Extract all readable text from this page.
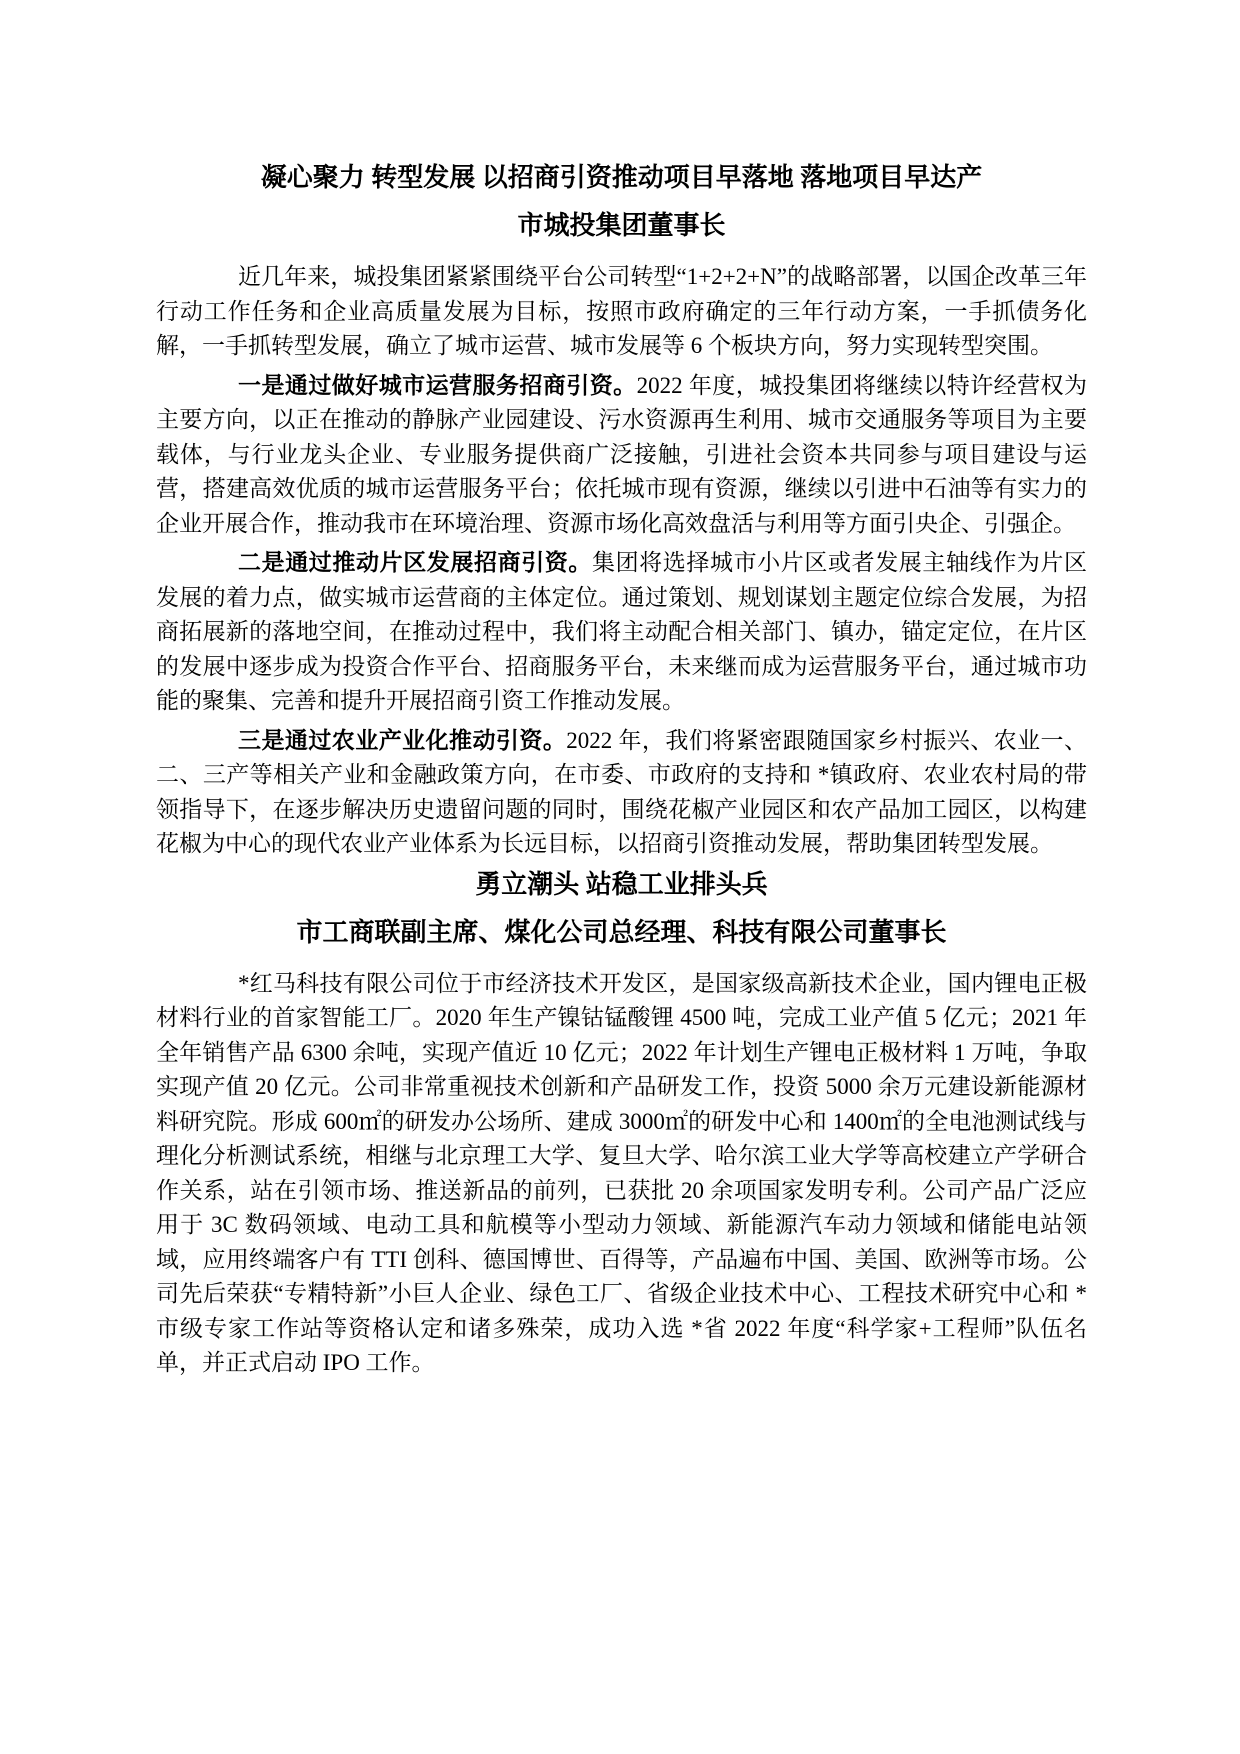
凝心聚力 转型发展 以招商引资推动项目早落地 落地项目早达产
市城投集团董事长

近几年来，城投集团紧紧围绕平台公司转型“1+2+2+N”的战略部署，以国企改革三年行动工作任务和企业高质量发展为目标，按照市政府确定的三年行动方案，一手抓债务化解，一手抓转型发展，确立了城市运营、城市发展等 6 个板块方向，努力实现转型突围。

一是通过做好城市运营服务招商引资。2022 年度，城投集团将继续以特许经营权为主要方向，以正在推动的静脉产业园建设、污水资源再生利用、城市交通服务等项目为主要载体，与行业龙头企业、专业服务提供商广泛接触，引进社会资本共同参与项目建设与运营，搭建高效优质的城市运营服务平台；依托城市现有资源，继续以引进中石油等有实力的企业开展合作，推动我市在环境治理、资源市场化高效盘活与利用等方面引央企、引强企。

二是通过推动片区发展招商引资。集团将选择城市小片区或者发展主轴线作为片区发展的着力点，做实城市运营商的主体定位。通过策划、规划谋划主题定位综合发展，为招商拓展新的落地空间，在推动过程中，我们将主动配合相关部门、镇办，锚定定位，在片区的发展中逐步成为投资合作平台、招商服务平台，未来继而成为运营服务平台，通过城市功能的聚集、完善和提升开展招商引资工作推动发展。

三是通过农业产业化推动引资。2022 年，我们将紧密跟随国家乡村振兴、农业一、二、三产等相关产业和金融政策方向，在市委、市政府的支持和 *镇政府、农业农村局的带领指导下，在逐步解决历史遗留问题的同时，围绕花椒产业园区和农产品加工园区，以构建花椒为中心的现代农业产业体系为长远目标，以招商引资推动发展，帮助集团转型发展。

勇立潮头 站稳工业排头兵
市工商联副主席、煤化公司总经理、科技有限公司董事长

*红马科技有限公司位于市经济技术开发区，是国家级高新技术企业，国内锂电正极材料行业的首家智能工厂。2020 年生产镍钴锰酸锂 4500 吨，完成工业产值 5 亿元；2021 年全年销售产品 6300 余吨，实现产值近 10 亿元；2022 年计划生产锂电正极材料 1 万吨，争取实现产值 20 亿元。公司非常重视技术创新和产品研发工作，投资 5000 余万元建设新能源材料研究院。形成 600㎡的研发办公场所、建成 3000㎡的研发中心和 1400㎡的全电池测试线与理化分析测试系统，相继与北京理工大学、复旦大学、哈尔滨工业大学等高校建立产学研合作关系，站在引领市场、推送新品的前列，已获批 20 余项国家发明专利。公司产品广泛应用于 3C 数码领域、电动工具和航模等小型动力领域、新能源汽车动力领域和储能电站领域，应用终端客户有 TTI 创科、德国博世、百得等，产品遍布中国、美国、欧洲等市场。公司先后荣获“专精特新”小巨人企业、绿色工厂、省级企业技术中心、工程技术研究中心和 *市级专家工作站等资格认定和诸多殊荣，成功入选 *省 2022 年度“科学家+工程师”队伍名单，并正式启动 IPO 工作。
